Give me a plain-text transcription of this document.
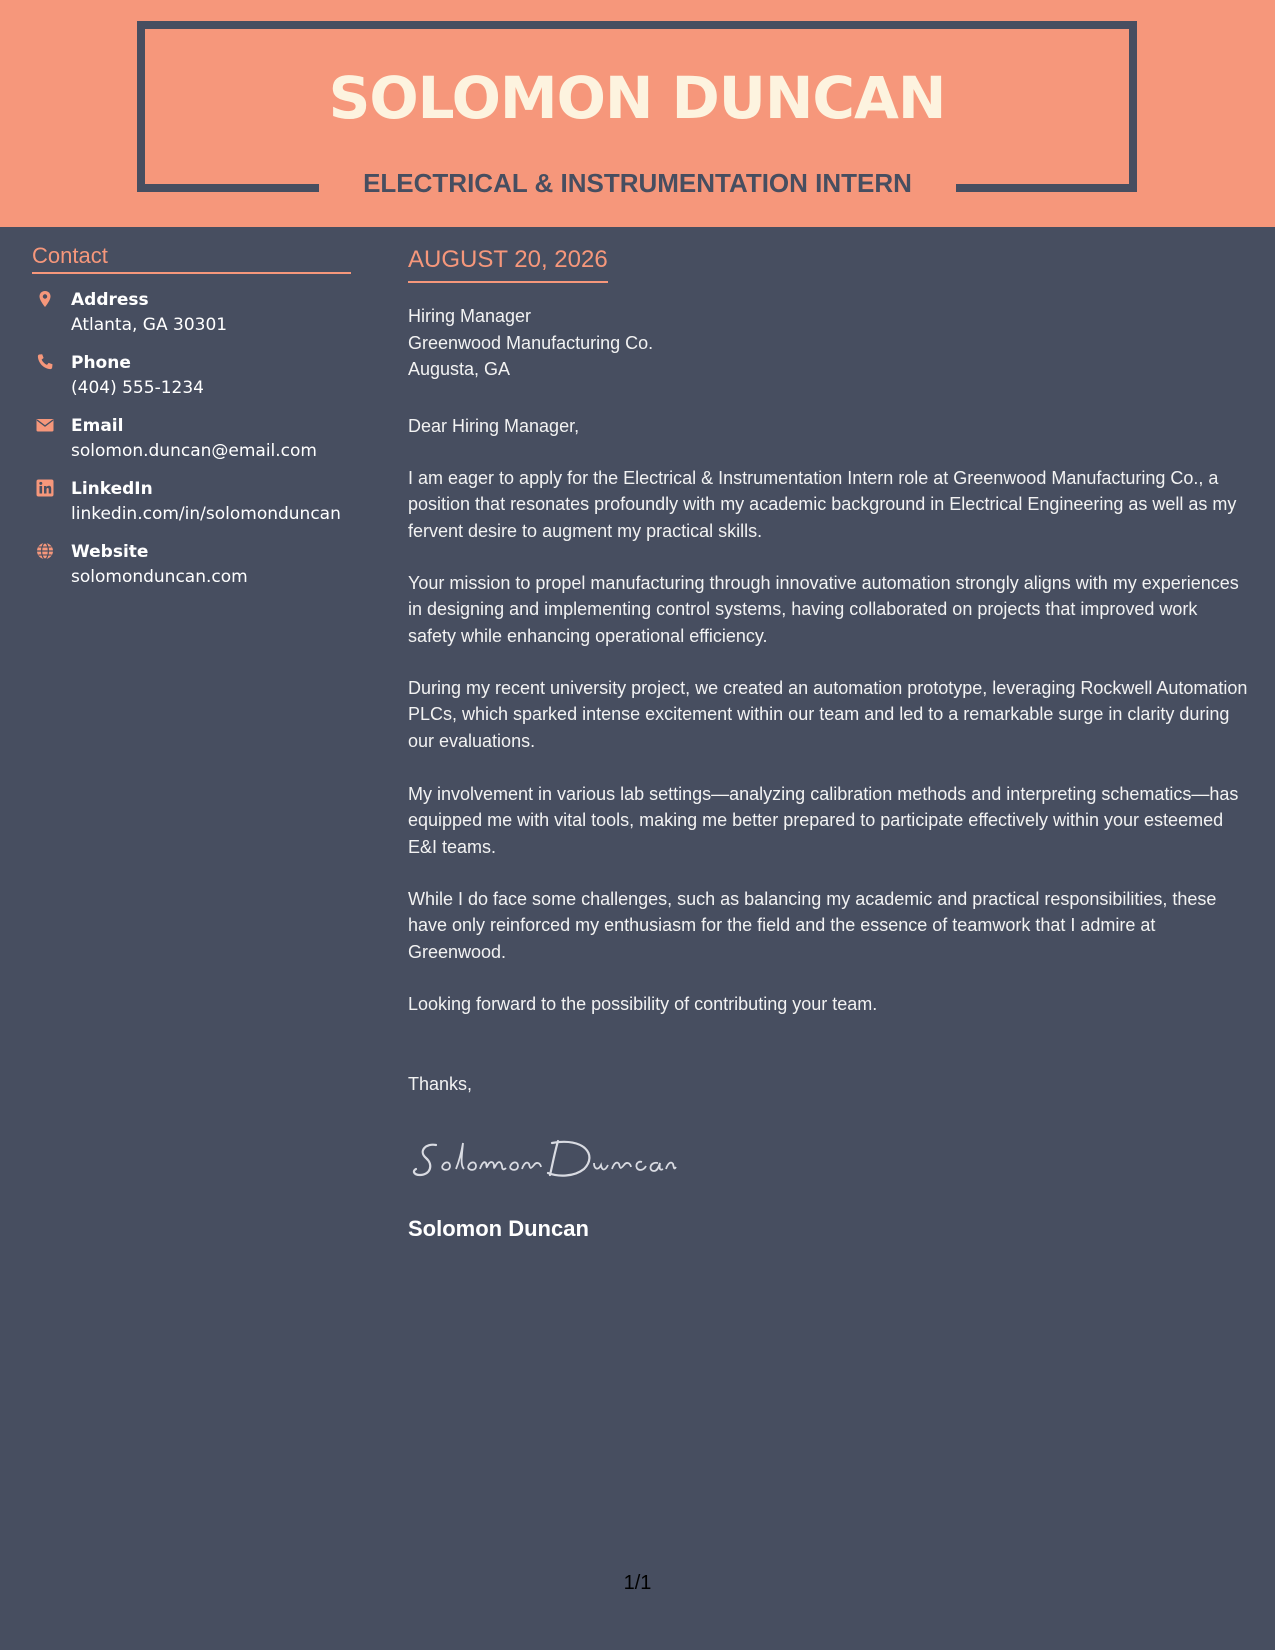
SOLOMON DUNCAN
ELECTRICAL & INSTRUMENTATION INTERN
Contact
Address
Atlanta, GA 30301
Phone
(404) 555-1234
Email
solomon.duncan@email.com
LinkedIn
linkedin.com/in/solomonduncan
Website
solomonduncan.com
AUGUST 20, 2026
Hiring Manager
Greenwood Manufacturing Co.
Augusta, GA

Dear Hiring Manager,

I am eager to apply for the Electrical & Instrumentation Intern role at Greenwood Manufacturing Co., a position that resonates profoundly with my academic background in Electrical Engineering as well as my fervent desire to augment my practical skills.

Your mission to propel manufacturing through innovative automation strongly aligns with my experiences in designing and implementing control systems, having collaborated on projects that improved work safety while enhancing operational efficiency.

During my recent university project, we created an automation prototype, leveraging Rockwell Automation PLCs, which sparked intense excitement within our team and led to a remarkable surge in clarity during our evaluations.

My involvement in various lab settings—analyzing calibration methods and interpreting schematics—has equipped me with vital tools, making me better prepared to participate effectively within your esteemed E&I teams.

While I do face some challenges, such as balancing my academic and practical responsibilities, these have only reinforced my enthusiasm for the field and the essence of teamwork that I admire at Greenwood.

Looking forward to the possibility of contributing your team.

Thanks,

Solomon Duncan
1/1
